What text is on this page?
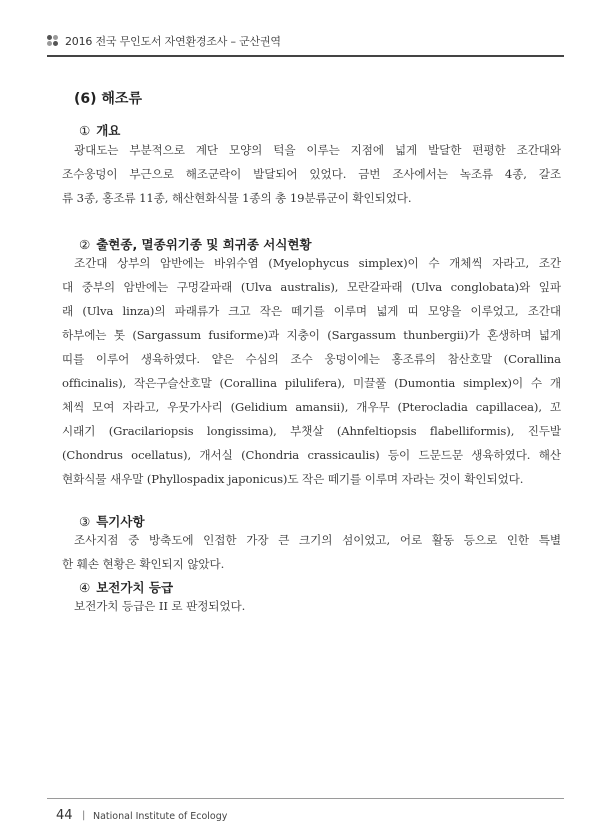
2016 전국 무인도서 자연환경조사 – 군산권역
(6) 해조류
① 개요
광대도는 부분적으로 계단 모양의 턱을 이루는 지점에 넓게 발달한 편평한 조간대와
조수웅덩이 부근으로 해조군락이 발달되어 있었다. 금번 조사에서는 녹조류 4종, 갈조
류 3종, 홍조류 11종, 해산현화식물 1종의 총 19분류군이 확인되었다.
② 출현종, 멸종위기종 및 희귀종 서식현황
조간대 상부의 암반에는 바위수염 (Myelophycus simplex)이 수 개체씩 자라고, 조간
대 중부의 암반에는 구멍갈파래 (Ulva australis), 모란갈파래 (Ulva conglobata)와 잎파
래 (Ulva linza)의 파래류가 크고 작은 떼기를 이루며 넓게 띠 모양을 이루었고, 조간대
하부에는 톳 (Sargassum fusiforme)과 지충이 (Sargassum thunbergii)가 혼생하며 넓게
띠를 이루어 생육하였다. 얕은 수심의 조수 웅덩이에는 홍조류의 참산호말 (Corallina
officinalis), 작은구슬산호말 (Corallina pilulifera), 미끌풀 (Dumontia simplex)이 수 개
체씩 모여 자라고, 우뭇가사리 (Gelidium amansii), 개우무 (Pterocladia capillacea), 꼬
시래기 (Gracilariopsis longissima), 부챗살 (Ahnfeltiopsis flabelliformis), 진두발
(Chondrus ocellatus), 개서실 (Chondria crassicaulis) 등이 드문드문 생육하였다. 해산
현화식물 새우말 (Phyllospadix japonicus)도 작은 떼기를 이루며 자라는 것이 확인되었다.
③ 특기사항
조사지점 중 방축도에 인접한 가장 큰 크기의 섬이었고, 어로 활동 등으로 인한 특별
한 훼손 현황은 확인되지 않았다.
④ 보전가치 등급
보전가치 등급은 II 로 판정되었다.
44 | National Institute of Ecology
